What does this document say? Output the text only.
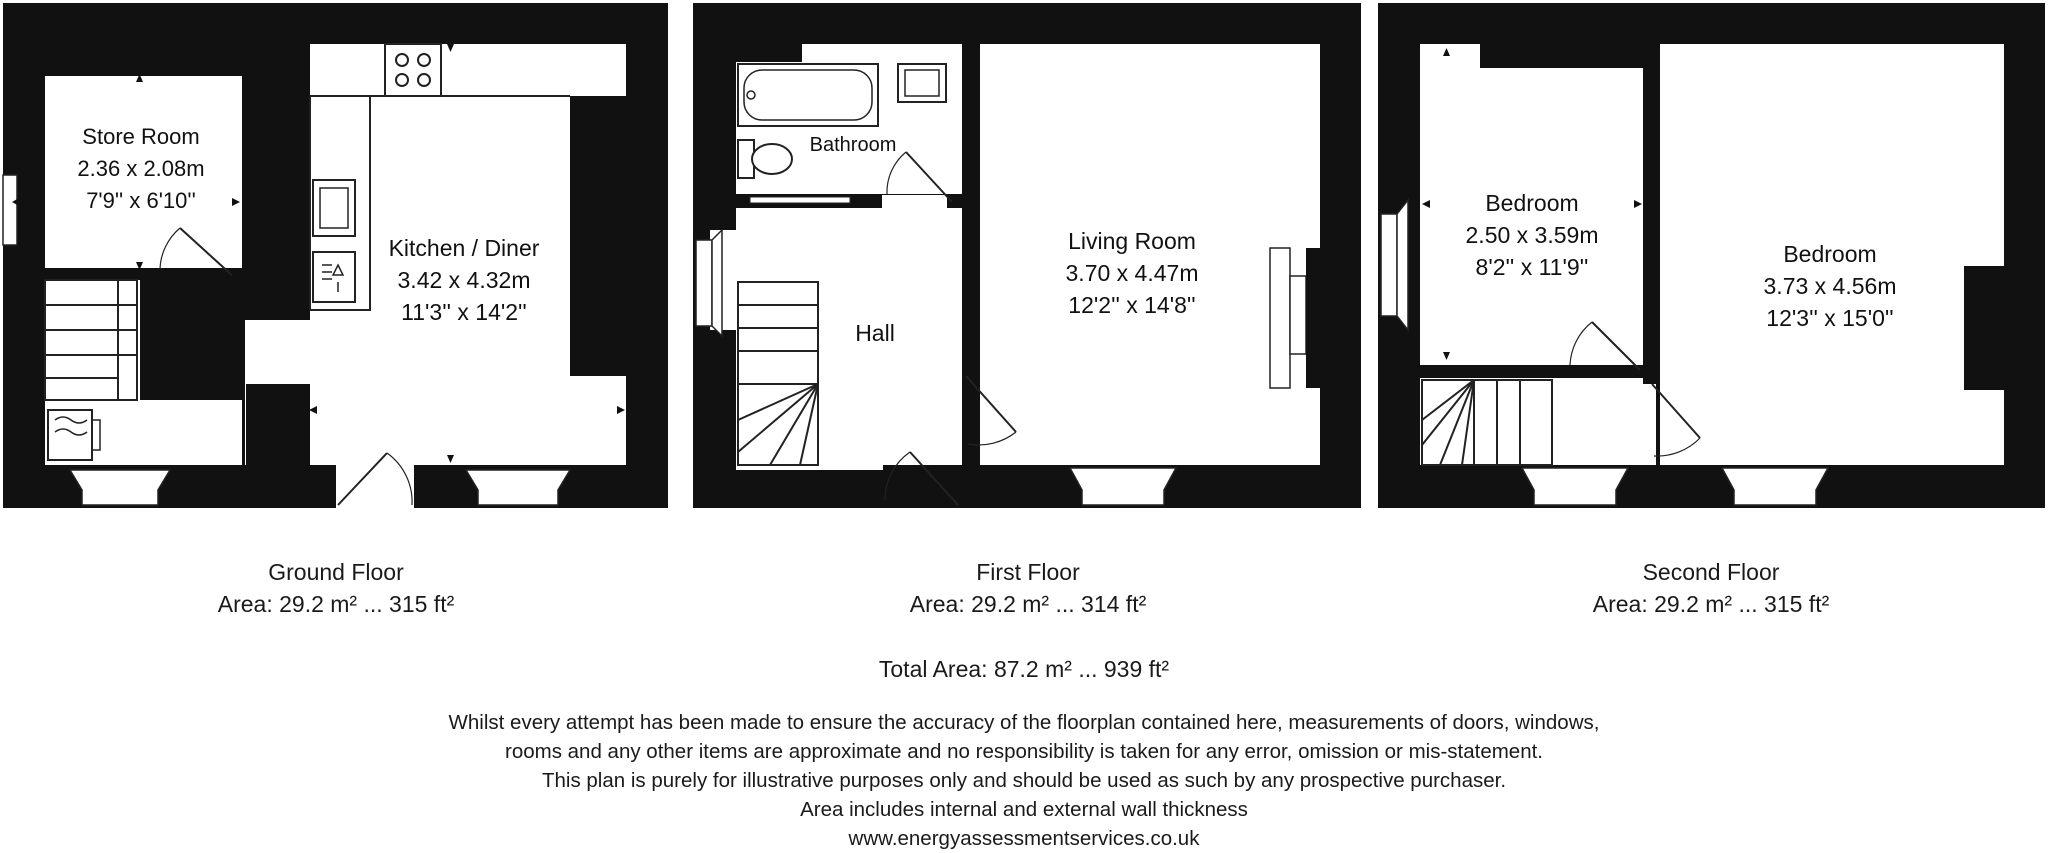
Store Room
2.36 x 2.08m
7'9'' x 6'10''
Kitchen / Diner
3.42 x 4.32m
11'3'' x 14'2''
Bathroom
Hall
Living Room
3.70 x 4.47m
12'2'' x 14'8''
Bedroom
2.50 x 3.59m
8'2'' x 11'9''	Bedroom
3.73 x 4.56m
12'3'' x 15'0''
Ground Floor
Area: 29.2 m² ... 315 ft²
First Floor
Area: 29.2 m² ... 314 ft²
Second Floor
Area: 29.2 m² ... 315 ft²
Total Area: 87.2 m² ... 939 ft²
Whilst every attempt has been made to ensure the accuracy of the floorplan contained here, measurements of doors, windows,
rooms and any other items are approximate and no responsibility is taken for any error, omission or mis-statement.
This plan is purely for illustrative purposes only and should be used as such by any prospective purchaser.
Area includes internal and external wall thickness
www.energyassessmentservices.co.uk
